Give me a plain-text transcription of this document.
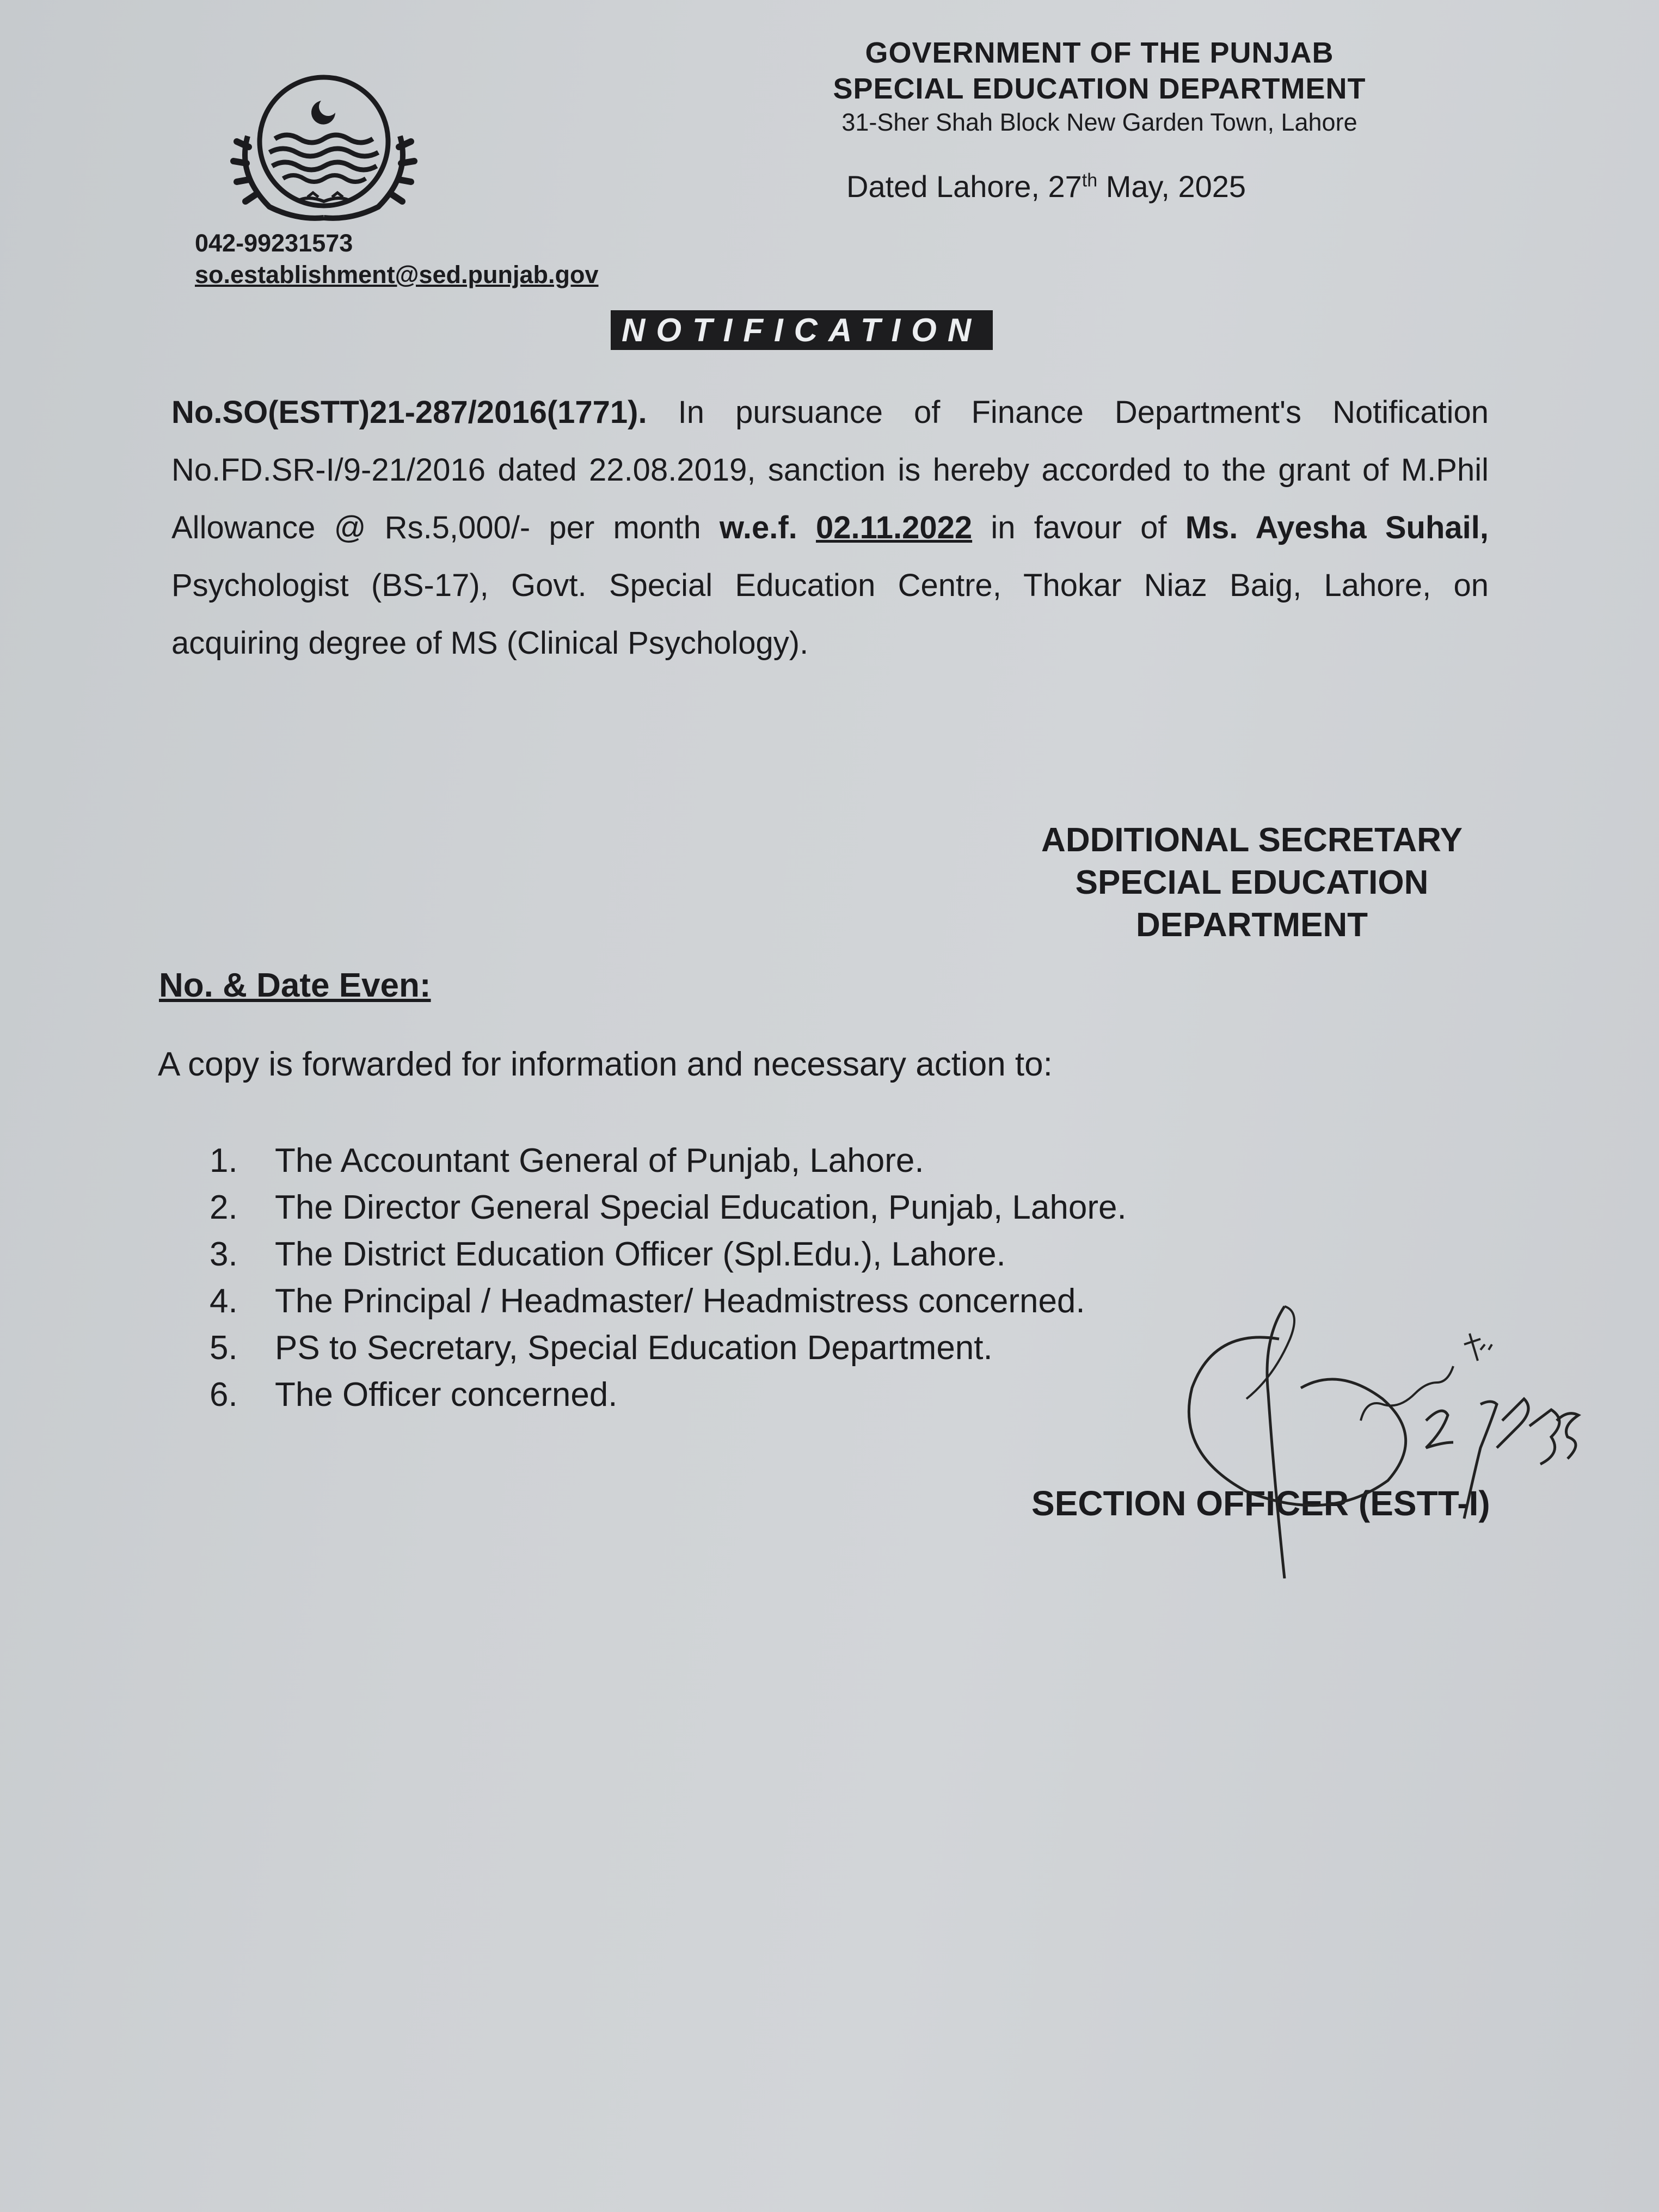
042-99231573
so.establishment@sed.punjab.gov
GOVERNMENT OF THE PUNJAB
SPECIAL EDUCATION DEPARTMENT
31-Sher Shah Block New Garden Town, Lahore
Dated Lahore, 27th May, 2025
NOTIFICATION
No.SO(ESTT)21-287/2016(1771). In pursuance of Finance Department's Notification No.FD.SR-I/9-21/2016 dated 22.08.2019, sanction is hereby accorded to the grant of M.Phil Allowance @ Rs.5,000/- per month w.e.f. 02.11.2022 in favour of Ms. Ayesha Suhail, Psychologist (BS-17), Govt. Special Education Centre, Thokar Niaz Baig, Lahore, on acquiring degree of MS (Clinical Psychology).
ADDITIONAL SECRETARY
SPECIAL EDUCATION
DEPARTMENT
No. & Date Even:
A copy is forwarded for information and necessary action to:
1.	The Accountant General of Punjab, Lahore.
2.	The Director General Special Education, Punjab, Lahore.
3.	The District Education Officer (Spl.Edu.), Lahore.
4.	The Principal / Headmaster/ Headmistress concerned.
5.	PS to Secretary, Special Education Department.
6.	The Officer concerned.
SECTION OFFICER (ESTT-I)
